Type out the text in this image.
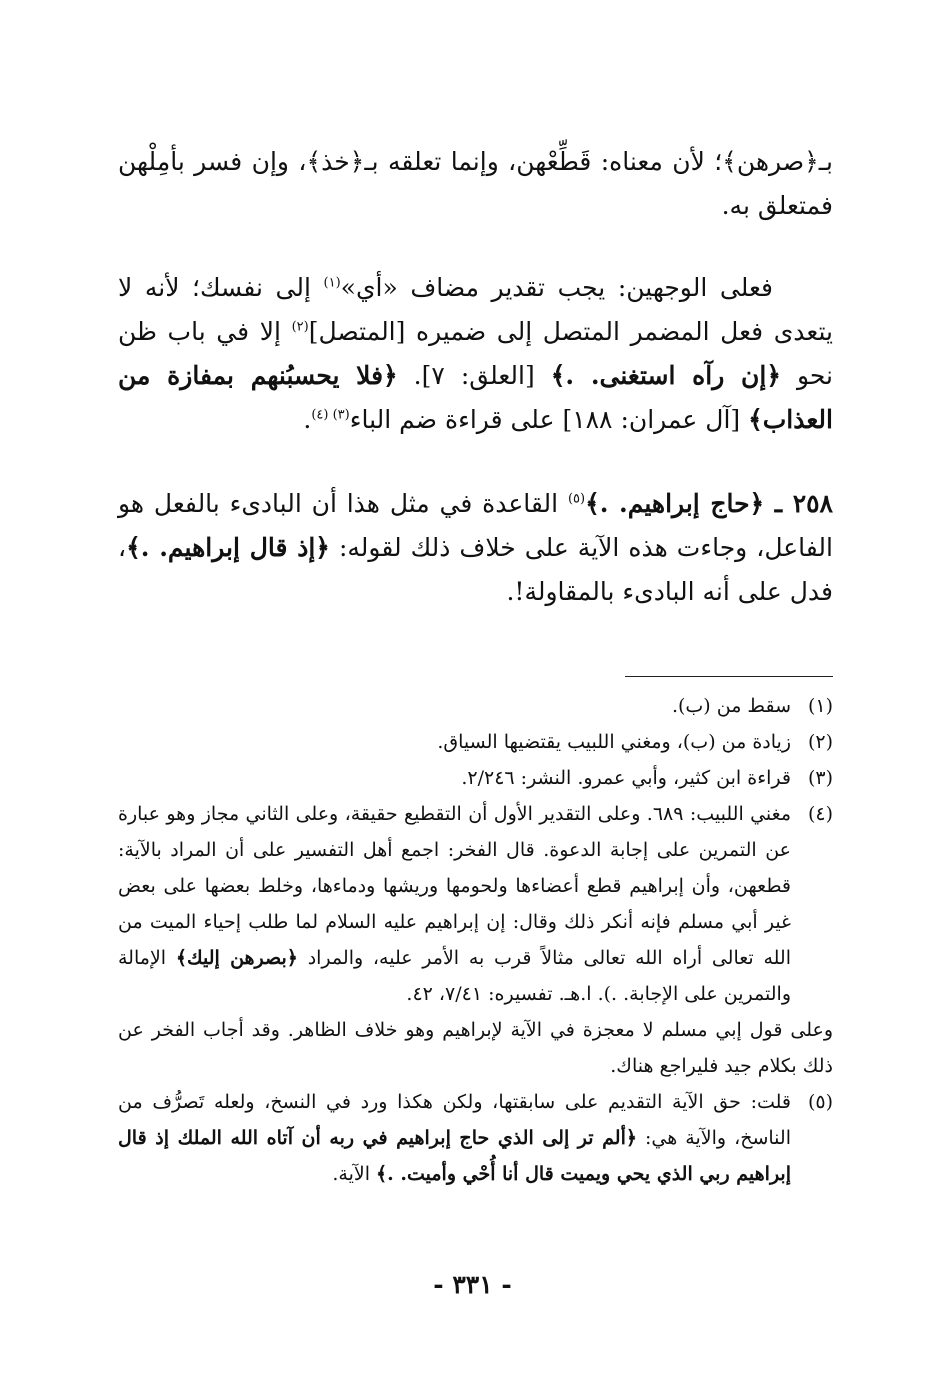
بـ﴿صرهن﴾؛ لأن معناه: قَطِّعْهن، وإنما تعلقه بـ﴿خذ﴾، وإن فسر بأمِلْهن فمتعلق به.

فعلى الوجهين: يجب تقدير مضاف «أي»$^{(١)}$ إلى نفسك؛ لأنه لا يتعدى فعل المضمر المتصل إلى ضميره [المتصل]$^{(٢)}$ إلا في باب ظن نحو ﴿إن رآه استغنى. .﴾ [العلق: ٧]. ﴿فلا يحسبُنهم بمفازة من العذاب﴾ [آل عمران: ١٨٨] على قراءة ضم الباء$^{(٣) (٤)}$.

٢٥٨ ـ ﴿حاج إبراهيم. .﴾$^{(٥)}$ القاعدة في مثل هذا أن البادىء بالفعل هو الفاعل، وجاءت هذه الآية على خلاف ذلك لقوله: ﴿إذ قال إبراهيم. .﴾، فدل على أنه البادىء بالمقاولة!.

(١)
سقط من (ب).
(٢)
زيادة من (ب)، ومغني اللبيب يقتضيها السياق.
(٣)
قراءة ابن كثير، وأبي عمرو. النشر: ٢/٢٤٦.
(٤)
مغني اللبيب: ٦٨٩. وعلى التقدير الأول أن التقطيع حقيقة، وعلى الثاني مجاز وهو عبارة عن التمرين على إجابة الدعوة. قال الفخر: اجمع أهل التفسير على أن المراد بالآية: قطعهن، وأن إبراهيم قطع أعضاءها ولحومها وريشها ودماءها، وخلط بعضها على بعض غير أبي مسلم فإنه أنكر ذلك وقال: إن إبراهيم عليه السلام لما طلب إحياء الميت من الله تعالى أراه الله تعالى مثالاً قرب به الأمر عليه، والمراد ﴿بصرهن إليك﴾ الإمالة والتمرين على الإجابة. .). ا.هـ. تفسيره: ٧/٤١، ٤٢.

وعلى قول إبي مسلم لا معجزة في الآية لإبراهيم وهو خلاف الظاهر. وقد أجاب الفخر عن ذلك بكلام جيد فليراجع هناك.

(٥)
قلت: حق الآية التقديم على سابقتها، ولكن هكذا ورد في النسخ، ولعله تَصرُّف من الناسخ، والآية هي: ﴿ألم تر إلى الذي حاج إبراهيم في ربه أن آتاه الله الملك إذ قال إبراهيم ربي الذي يحي ويميت قال أنا أُحْي وأميت. .﴾ الآية.
- ٣٣١ -
